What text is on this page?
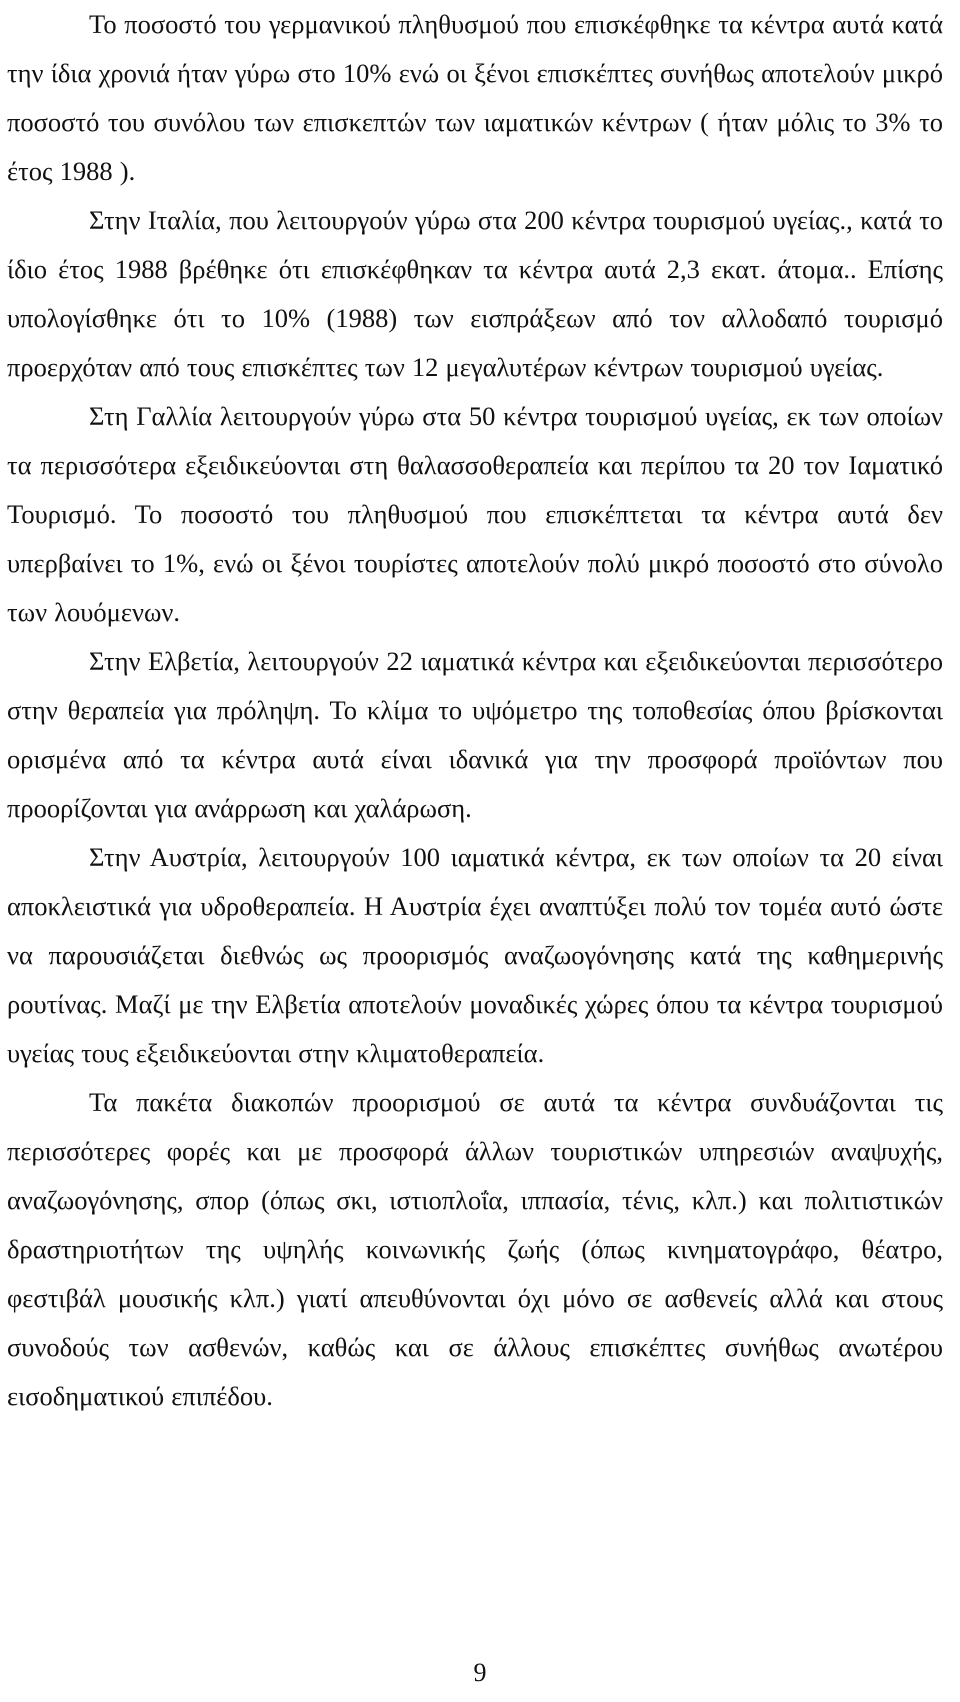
Το ποσοστό του γερμανικού πληθυσμού που επισκέφθηκε τα κέντρα αυτά κατά την ίδια χρονιά ήταν γύρω στο 10% ενώ οι ξένοι επισκέπτες συνήθως αποτελούν μικρό ποσοστό του συνόλου των επισκεπτών των ιαματικών κέντρων ( ήταν μόλις το 3% το έτος 1988 ).

Στην Ιταλία, που λειτουργούν γύρω στα 200 κέντρα τουρισμού υγείας., κατά το ίδιο έτος 1988 βρέθηκε ότι επισκέφθηκαν τα κέντρα αυτά 2,3 εκατ. άτομα.. Επίσης υπολογίσθηκε ότι το 10% (1988) των εισπράξεων από τον αλλοδαπό τουρισμό προερχόταν από τους επισκέπτες των 12 μεγαλυτέρων κέντρων τουρισμού υγείας.

Στη Γαλλία λειτουργούν γύρω στα 50 κέντρα τουρισμού υγείας, εκ των οποίων τα περισσότερα εξειδικεύονται στη θαλασσοθεραπεία και περίπου τα 20 τον Ιαματικό Τουρισμό. Το ποσοστό του πληθυσμού που επισκέπτεται τα κέντρα αυτά δεν υπερβαίνει το 1%, ενώ οι ξένοι τουρίστες αποτελούν πολύ μικρό ποσοστό στο σύνολο των λουόμενων.

Στην Ελβετία, λειτουργούν 22 ιαματικά κέντρα και εξειδικεύονται περισσότερο στην θεραπεία για πρόληψη. Το κλίμα το υψόμετρο της τοποθεσίας όπου βρίσκονται ορισμένα από τα κέντρα αυτά είναι ιδανικά για την προσφορά προϊόντων που προορίζονται για ανάρρωση και χαλάρωση.

Στην Αυστρία, λειτουργούν 100 ιαματικά κέντρα, εκ των οποίων τα 20 είναι αποκλειστικά για υδροθεραπεία. Η Αυστρία έχει αναπτύξει πολύ τον τομέα αυτό ώστε να παρουσιάζεται διεθνώς ως προορισμός αναζωογόνησης κατά της καθημερινής ρουτίνας. Μαζί με την Ελβετία αποτελούν μοναδικές χώρες όπου τα κέντρα τουρισμού υγείας τους εξειδικεύονται στην κλιματοθεραπεία.

Τα πακέτα διακοπών προορισμού σε αυτά τα κέντρα συνδυάζονται τις περισσότερες φορές και με προσφορά άλλων τουριστικών υπηρεσιών αναψυχής, αναζωογόνησης, σπορ (όπως σκι, ιστιοπλοΐα, ιππασία, τένις, κλπ.) και πολιτιστικών δραστηριοτήτων της υψηλής κοινωνικής ζωής (όπως κινηματογράφο, θέατρο, φεστιβάλ μουσικής κλπ.) γιατί απευθύνονται όχι μόνο σε ασθενείς αλλά και στους συνοδούς των ασθενών, καθώς και σε άλλους επισκέπτες συνήθως ανωτέρου εισοδηματικού επιπέδου.

9
